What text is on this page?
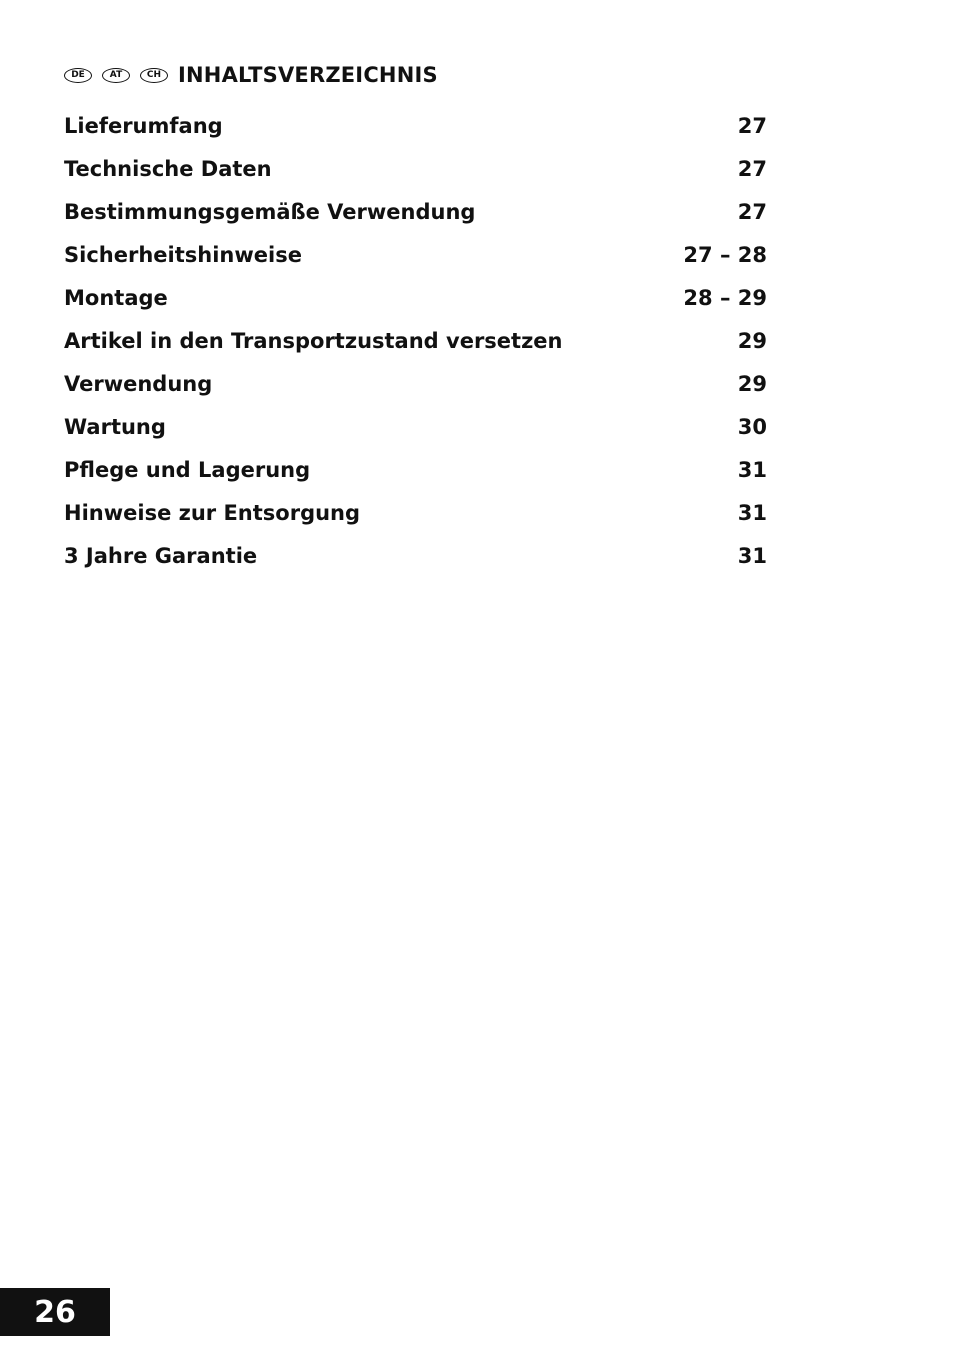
DE	AT	CH INHALTSVERZEICHNIS
Lieferumfang	27
Technische Daten	27
Bestimmungsgemäße Verwendung	27
Sicherheitshinweise	27 – 28
Montage	28 – 29
Artikel in den Transportzustand versetzen	29
Verwendung	29
Wartung	30
Pflege und Lagerung	31
Hinweise zur Entsorgung	31
3 Jahre Garantie	31
26
